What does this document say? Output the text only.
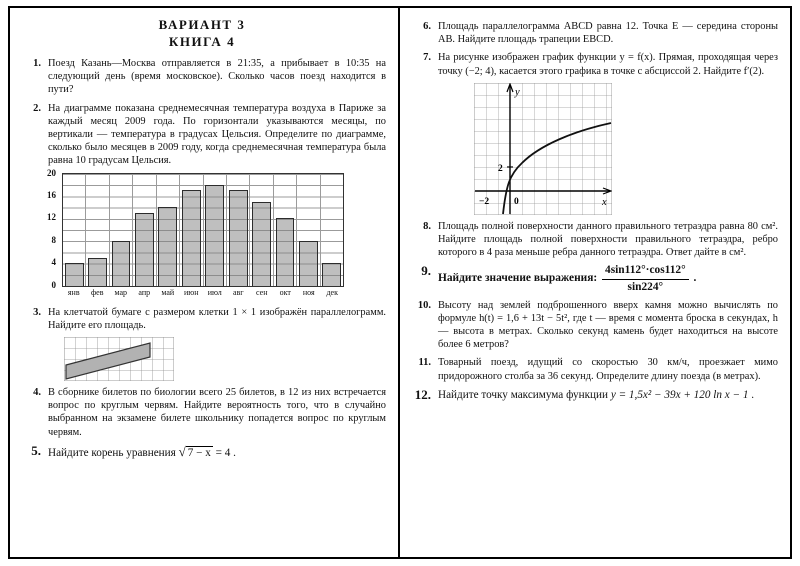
ВАРИАНТ 3
КНИГА 4
1. Поезд Казань—Москва отправляется в 21:35, а прибывает в 10:35 на следующий день (время московское). Сколько часов поезд находится в пути?
2. На диаграмме показана среднемесячная температура воздуха в Париже за каждый месяц 2009 года. По горизонтали указываются месяцы, по вертикали — температура в градусах Цельсия. Определите по диаграмме, сколько было месяцев в 2009 году, когда среднемесячная температура была равна 10 градусам Цельсия.
0
4
8
12
16
20
янв	фев	мар	апр	май	июн	июл	авг	сен	окт	ноя	дек
3. На клетчатой бумаге с размером клетки 1 × 1 изображён параллелограмм. Найдите его площадь.
4. В сборнике билетов по биологии всего 25 билетов, в 12 из них встречается вопрос по круглым червям. Найдите вероятность того, что в случайно выбранном на экзамене билете школьнику попадется вопрос по круглым червям.
5. Найдите корень уравнения √ 7 − x = 4 .
6. Площадь параллелограмма ABCD равна 12. Точка E — середина стороны AB. Найдите площадь трапеции EBCD.
7. На рисунке изображен график функции y = f(x). Прямая, проходящая через точку (−2; 4), касается этого графика в точке с абсциссой 2. Найдите f′(2).
y
x
2
−2	0
8. Площадь полной поверхности данного правильного тетраэдра равна 80 см². Найдите площадь полной поверхности правильного тетраэдра, ребро которого в 4 раза меньше ребра данного тетраэдра. Ответ дайте в см².
9.
Найдите значение выражения: $\frac{4\sin 112^\circ\cdot\cos 112^\circ}{\sin 224^\circ}$ .
10. Высоту над землей подброшенного вверх камня можно вычислять по формуле h(t) = 1,6 + 13t − 5t², где t — время с момента броска в секундах, h — высота в метрах. Сколько секунд камень будет находиться на высоте более 6 метров?
11. Товарный поезд, идущий со скоростью 30 км/ч, проезжает мимо придорожного столба за 36 секунд. Определите длину поезда (в метрах).
12. Найдите точку максимума функции y = 1,5x² − 39x + 120 ln x − 1 .
